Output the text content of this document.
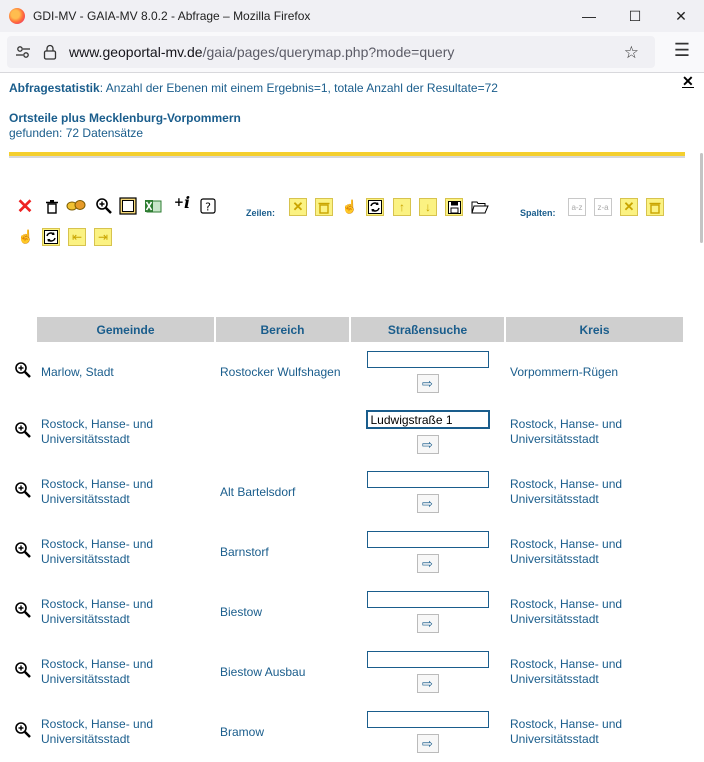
GDI-MV - GAIA-MV 8.0.2 - Abfrage – Mozilla Firefox	—	☐	✕
www.geoportal-mv.de/gaia/pages/querymap.php?mode=query	☆ ☰
Abfragestatistik: Anzahl der Ebenen mit einem Ergebnis=1, totale Anzahl der Resultate=72	✕
Ortsteile plus Mecklenburg-Vorpommern
gefunden: 72 Datensätze
✕	+ i ?	Zeilen: ✕	☝	↑	↓	Spalten:
a-z	z-a ✕
☝	⇤	⇥
Gemeinde	Bereich	Straßensuche	Kreis
Marlow, Stadt	Rostocker Wulfshagen	⇨	Vorpommern-Rügen
Rostock, Hanse- und Universitätsstadt		
Ludwigstraße 1
⇨	Rostock, Hanse- und Universitätsstadt
Rostock, Hanse- und Universitätsstadt	Alt Bartelsdorf	⇨	Rostock, Hanse- und Universitätsstadt
Rostock, Hanse- und Universitätsstadt	Barnstorf	⇨	Rostock, Hanse- und Universitätsstadt
Rostock, Hanse- und Universitätsstadt	Biestow	⇨	Rostock, Hanse- und Universitätsstadt
Rostock, Hanse- und Universitätsstadt	Biestow Ausbau	⇨	Rostock, Hanse- und Universitätsstadt
Rostock, Hanse- und Universitätsstadt	Bramow	⇨	Rostock, Hanse- und Universitätsstadt
